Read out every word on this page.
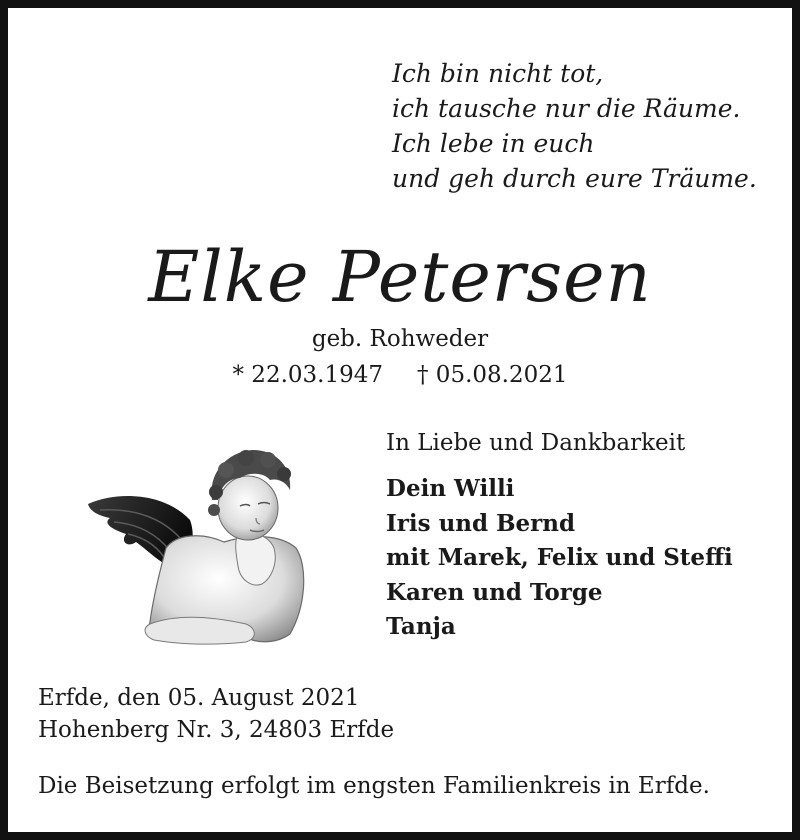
Ich bin nicht tot,
ich tausche nur die Räume.
Ich lebe in euch
und geh durch eure Träume.

Elke Petersen
geb. Rohweder
* 22.03.1947 † 05.08.2021
In Liebe und Dankbarkeit
Dein Willi
Iris und Bernd
mit Marek, Felix und Steffi
Karen und Torge
Tanja
Erfde, den 05. August 2021
Hohenberg Nr. 3, 24803 Erfde
Die Beisetzung erfolgt im engsten Familienkreis in Erfde.
